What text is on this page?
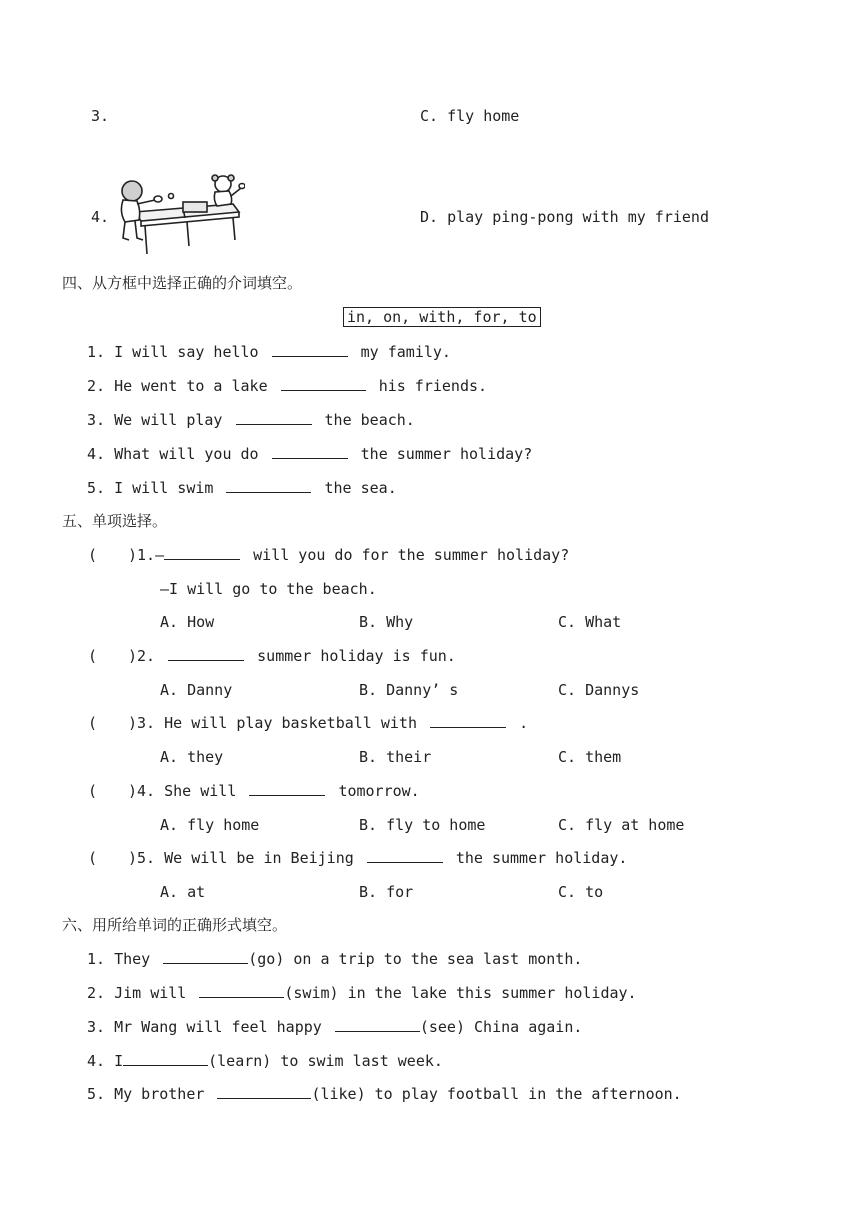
3.	C. fly home
4.	D. play ping-pong with my friend
四、从方框中选择正确的介词填空。
in, on, with, for, to
1. I will say hello	my family.
2. He went to a lake	his friends.
3. We will play	the beach.
4. What will you do	the summer holiday?
5. I will swim	the sea.
五、单项选择。
( )1.—	will you do for the summer holiday?
—I will go to the beach.
A. How	B. Why	C. What
( )2.	summer holiday is fun.
A. Danny	B. Danny’ s	C. Dannys
( )3. He will play basketball with	.
A. they	B. their	C. them
( )4. She will	tomorrow.
A. fly home	B. fly to home	C. fly at home
( )5. We will be in Beijing	the summer holiday.
A. at	B. for	C. to
六、用所给单词的正确形式填空。
1. They	(go) on a trip to the sea last month.
2. Jim will	(swim) in the lake this summer holiday.
3. Mr Wang will feel happy	(see) China again.
4. I	(learn) to swim last week.
5. My brother	(like) to play football in the afternoon.
